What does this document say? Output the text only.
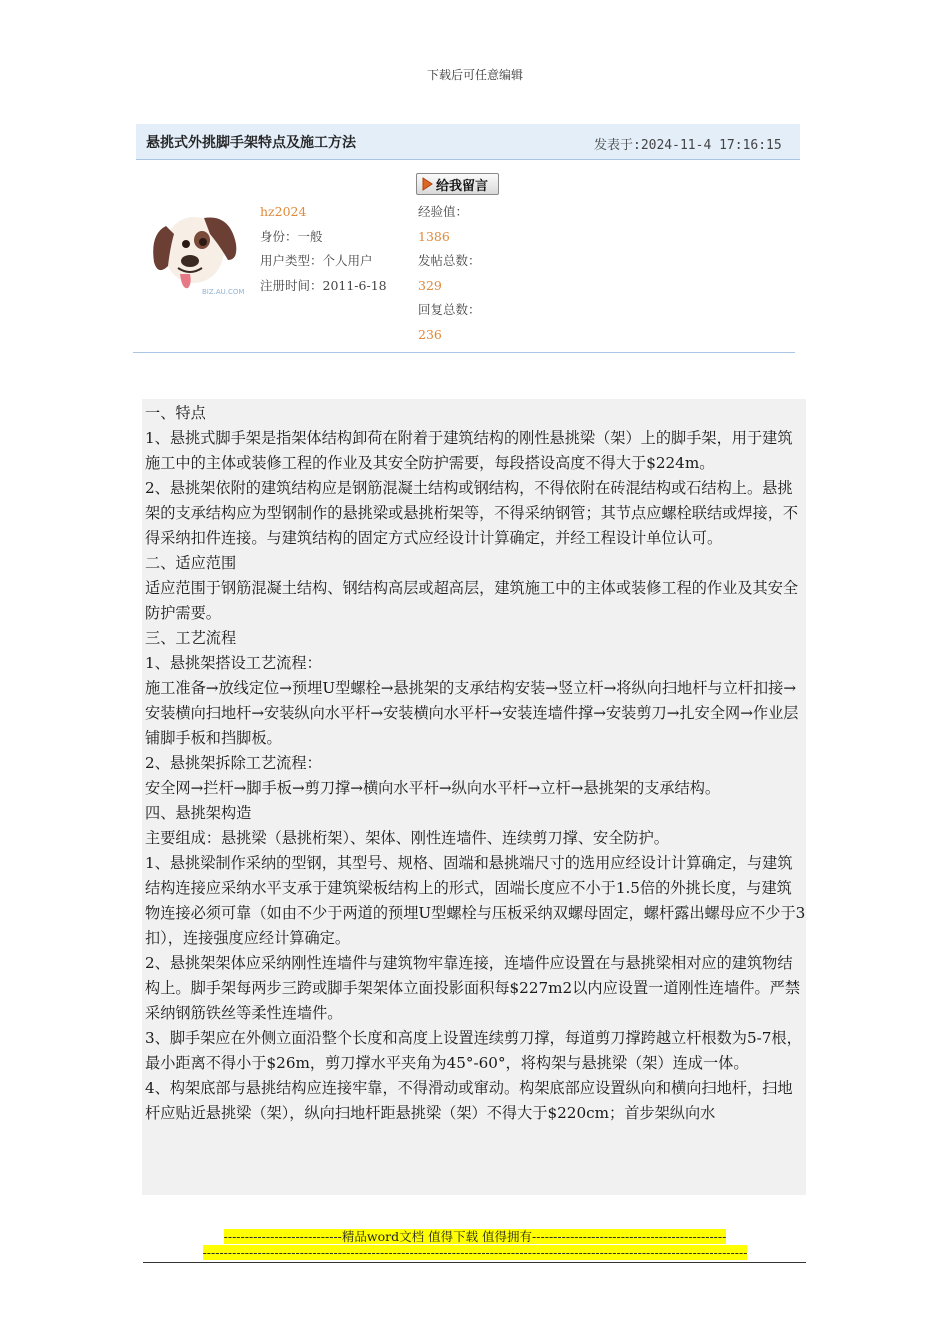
下载后可任意编辑
悬挑式外挑脚手架特点及施工方法	发表于:2024-11-4 17:16:15
BIZ.AU.COM
hz2024
身份：一般
用户类型：个人用户
注册时间：2011-6-18
给我留言
经验值：
1386
发帖总数：
329
回复总数：
236

一、特点

1、悬挑式脚手架是指架体结构卸荷在附着于建筑结构的刚性悬挑梁（架）上的脚手架，用于建筑施工中的主体或装修工程的作业及其安全防护需要，每段搭设高度不得大于$224m。

2、悬挑架依附的建筑结构应是钢筋混凝土结构或钢结构，不得依附在砖混结构或石结构上。悬挑架的支承结构应为型钢制作的悬挑梁或悬挑桁架等，不得采纳钢管；其节点应螺栓联结或焊接，不得采纳扣件连接。与建筑结构的固定方式应经设计计算确定，并经工程设计单位认可。

二、适应范围

适应范围于钢筋混凝土结构、钢结构高层或超高层，建筑施工中的主体或装修工程的作业及其安全防护需要。

三、工艺流程

1、悬挑架搭设工艺流程：

施工准备→放线定位→预埋U型螺栓→悬挑架的支承结构安装→竖立杆→将纵向扫地杆与立杆扣接→安装横向扫地杆→安装纵向水平杆→安装横向水平杆→安装连墙件撑→安装剪刀→扎安全网→作业层铺脚手板和挡脚板。

2、悬挑架拆除工艺流程：

安全网→拦杆→脚手板→剪刀撑→横向水平杆→纵向水平杆→立杆→悬挑架的支承结构。

四、悬挑架构造

主要组成：悬挑梁（悬挑桁架）、架体、刚性连墙件、连续剪刀撑、安全防护。

1、悬挑梁制作采纳的型钢，其型号、规格、固端和悬挑端尺寸的选用应经设计计算确定，与建筑结构连接应采纳水平支承于建筑梁板结构上的形式，固端长度应不小于1.5倍的外挑长度，与建筑物连接必须可靠（如由不少于两道的预埋U型螺栓与压板采纳双螺母固定，螺杆露出螺母应不少于3扣），连接强度应经计算确定。

2、悬挑架架体应采纳刚性连墙件与建筑物牢靠连接，连墙件应设置在与悬挑梁相对应的建筑物结构上。脚手架每两步三跨或脚手架架体立面投影面积每$227m2以内应设置一道刚性连墙件。严禁采纳钢筋铁丝等柔性连墙件。

3、脚手架应在外侧立面沿整个长度和高度上设置连续剪刀撑，每道剪刀撑跨越立杆根数为5-7根，最小距离不得小于$26m，剪刀撑水平夹角为45°-60°，将构架与悬挑梁（架）连成一体。

4、构架底部与悬挑结构应连接牢靠，不得滑动或窜动。构架底部应设置纵向和横向扫地杆，扫地杆应贴近悬挑梁（架），纵向扫地杆距悬挑梁（架）不得大于$220cm；首步架纵向水

----------------------------精品word文档 值得下载 值得拥有----------------------------------------------
---------------------------------------------------------------------------------------------------------------------------------
